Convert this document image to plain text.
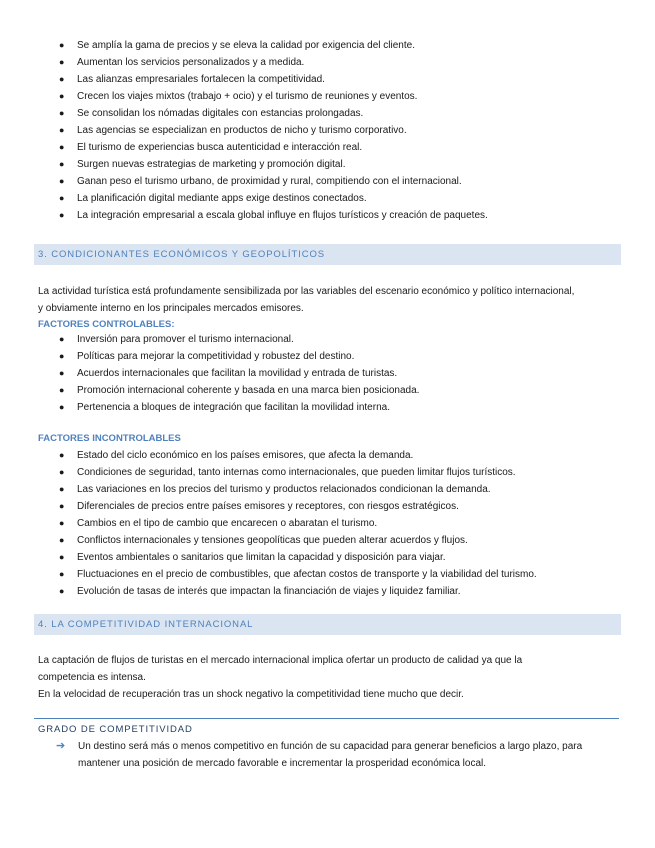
● Se amplía la gama de precios y se eleva la calidad por exigencia del cliente.
● Aumentan los servicios personalizados y a medida.
● Las alianzas empresariales fortalecen la competitividad.
● Crecen los viajes mixtos (trabajo + ocio) y el turismo de reuniones y eventos.
● Se consolidan los nómadas digitales con estancias prolongadas.
● Las agencias se especializan en productos de nicho y turismo corporativo.
● El turismo de experiencias busca autenticidad e interacción real.
● Surgen nuevas estrategias de marketing y promoción digital.
● Ganan peso el turismo urbano, de proximidad y rural, compitiendo con el internacional.
● La planificación digital mediante apps exige destinos conectados.
● La integración empresarial a escala global influye en flujos turísticos y creación de paquetes.
3. CONDICIONANTES ECONÓMICOS Y GEOPOLÍTICOS
La actividad turística está profundamente sensibilizada por las variables del escenario económico y político internacional,
y obviamente interno en los principales mercados emisores.
FACTORES CONTROLABLES:
● Inversión para promover el turismo internacional.
● Políticas para mejorar la competitividad y robustez del destino.
● Acuerdos internacionales que facilitan la movilidad y entrada de turistas.
● Promoción internacional coherente y basada en una marca bien posicionada.
● Pertenencia a bloques de integración que facilitan la movilidad interna.
FACTORES INCONTROLABLES
● Estado del ciclo económico en los países emisores, que afecta la demanda.
● Condiciones de seguridad, tanto internas como internacionales, que pueden limitar flujos turísticos.
● Las variaciones en los precios del turismo y productos relacionados condicionan la demanda.
● Diferenciales de precios entre países emisores y receptores, con riesgos estratégicos.
● Cambios en el tipo de cambio que encarecen o abaratan el turismo.
● Conflictos internacionales y tensiones geopolíticas que pueden alterar acuerdos y flujos.
● Eventos ambientales o sanitarios que limitan la capacidad y disposición para viajar.
● Fluctuaciones en el precio de combustibles, que afectan costos de transporte y la viabilidad del turismo.
● Evolución de tasas de interés que impactan la financiación de viajes y liquidez familiar.
4. LA COMPETITIVIDAD INTERNACIONAL
La captación de flujos de turistas en el mercado internacional implica ofertar un producto de calidad ya que la
competencia es intensa.
En la velocidad de recuperación tras un shock negativo la competitividad tiene mucho que decir.
GRADO DE COMPETITIVIDAD
➔ Un destino será más o menos competitivo en función de su capacidad para generar beneficios a largo plazo, para
mantener una posición de mercado favorable e incrementar la prosperidad económica local.
